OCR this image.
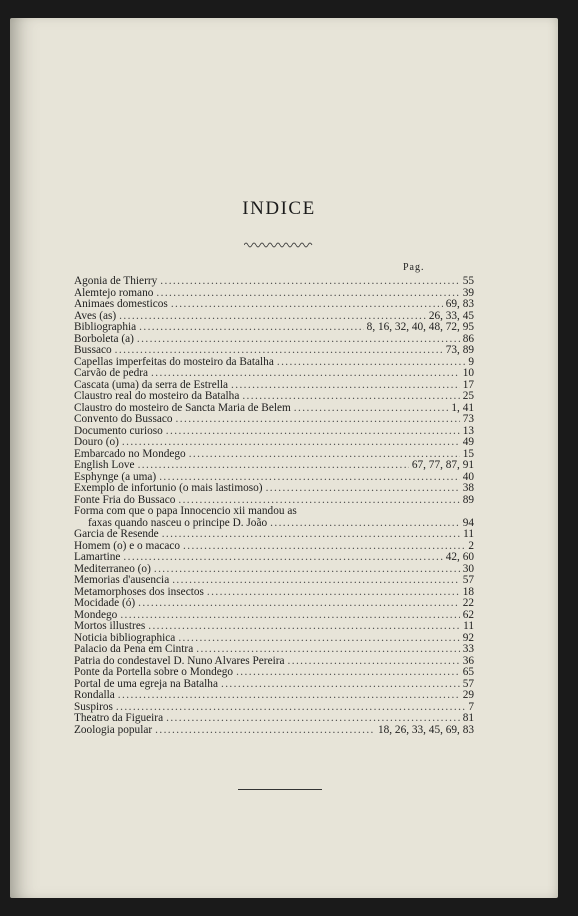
INDICE
Pag.
Agonia de Thierry .....	55
Alemtejo romano .....	39
Animaes domesticos .....	69, 83
Aves (as) .....	26, 33, 45
Bibliographia .....	8, 16, 32, 40, 48, 72, 95
Borboleta (a) .....	86
Bussaco .....	73, 89
Capellas imperfeitas do mosteiro da Batalha .....	9
Carvão de pedra .....	10
Cascata (uma) da serra de Estrella .....	17
Claustro real do mosteiro da Batalha .....	25
Claustro do mosteiro de Sancta Maria de Belem .....	1, 41
Convento do Bussaco .....	73
Documento curioso .....	13
Douro (o) .....	49
Embarcado no Mondego .....	15
English Love .....	67, 77, 87, 91
Esphynge (a uma) .....	40
Exemplo de infortunio (o mais lastimoso) .....	38
Fonte Fria do Bussaco .....	89
Forma com que o papa Innocencio xii mandou as
faxas quando nasceu o principe D. João .....	94
Garcia de Resende .....	11
Homem (o) e o macaco .....	2
Lamartine .....	42, 60
Mediterraneo (o) .....	30
Memorias d'ausencia .....	57
Metamorphoses dos insectos .....	18
Mocidade (ó) .....	22
Mondego .....	62
Mortos illustres .....	11
Noticia bibliographica .....	92
Palacio da Pena em Cintra .....	33
Patria do condestavel D. Nuno Alvares Pereira .....	36
Ponte da Portella sobre o Mondego .....	65
Portal de uma egreja na Batalha .....	57
Rondalla .....	29
Suspiros .....	7
Theatro da Figueira .....	81
Zoologia popular .....	18, 26, 33, 45, 69, 83
